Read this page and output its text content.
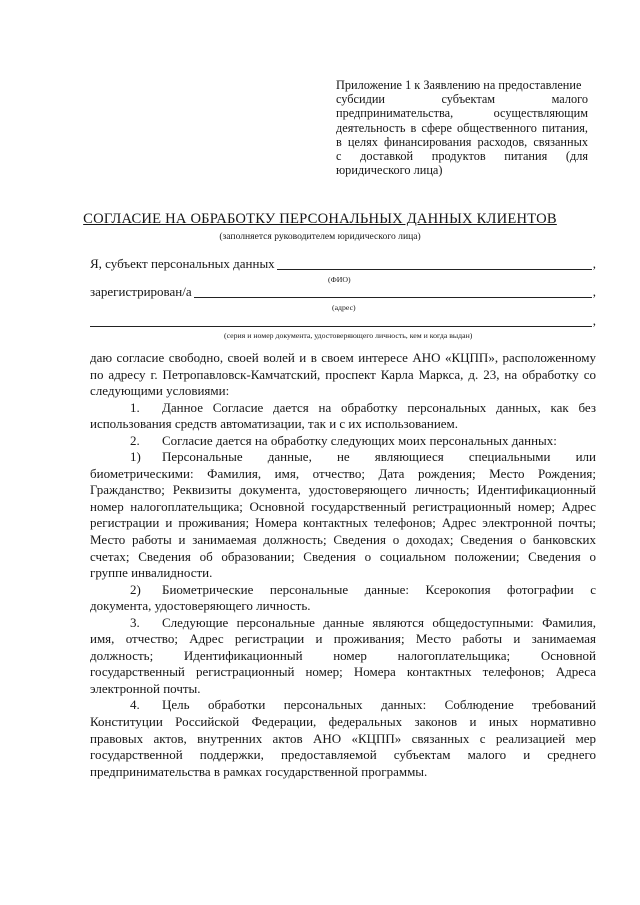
Приложение 1 к Заявлению на предоставление
субсидии субъектам малого
предпринимательства, осуществляющим
деятельность в сфере общественного питания,
в целях финансирования расходов, связанных
с доставкой продуктов питания (для
юридического лица)
СОГЛАСИЕ НА ОБРАБОТКУ ПЕРСОНАЛЬНЫХ ДАННЫХ КЛИЕНТОВ
(заполняется руководителем юридического лица)
Я, субъект персональных данных	,
(ФИО)
зарегистрирован/а	,
(адрес)
,
(серия и номер документа, удостоверяющего личность, кем и когда выдан)
даю согласие свободно, своей волей и в своем интересе АНО «КЦПП», расположенному
по адресу г. Петропавловск-Камчатский, проспект Карла Маркса, д. 23, на обработку со
следующими условиями:
1. Данное Согласие дается на обработку персональных данных, как без
использования средств автоматизации, так и с их использованием.
2. Согласие дается на обработку следующих моих персональных данных:
1)	Персональные данные, не являющиеся специальными или
биометрическими: Фамилия, имя, отчество; Дата рождения; Место Рождения;
Гражданство; Реквизиты документа, удостоверяющего личность; Идентификационный
номер налогоплательщика; Основной государственный регистрационный номер; Адрес
регистрации и проживания; Номера контактных телефонов; Адрес электронной почты;
Место работы и занимаемая должность; Сведения о доходах; Сведения о банковских
счетах; Сведения об образовании; Сведения о социальном положении; Сведения о
группе инвалидности.
2)	Биометрические персональные данные: Ксерокопия фотографии с
документа, удостоверяющего личность.
3.	Следующие персональные данные являются общедоступными: Фамилия,
имя, отчество; Адрес регистрации и проживания; Место работы и занимаемая
должность; Идентификационный номер налогоплательщика; Основной
государственный регистрационный номер; Номера контактных телефонов; Адреса
электронной почты.
4.	Цель обработки персональных данных: Соблюдение требований
Конституции Российской Федерации, федеральных законов и иных нормативно
правовых актов, внутренних актов АНО «КЦПП» связанных с реализацией мер
государственной поддержки, предоставляемой субъектам малого и среднего
предпринимательства в рамках государственной программы.
